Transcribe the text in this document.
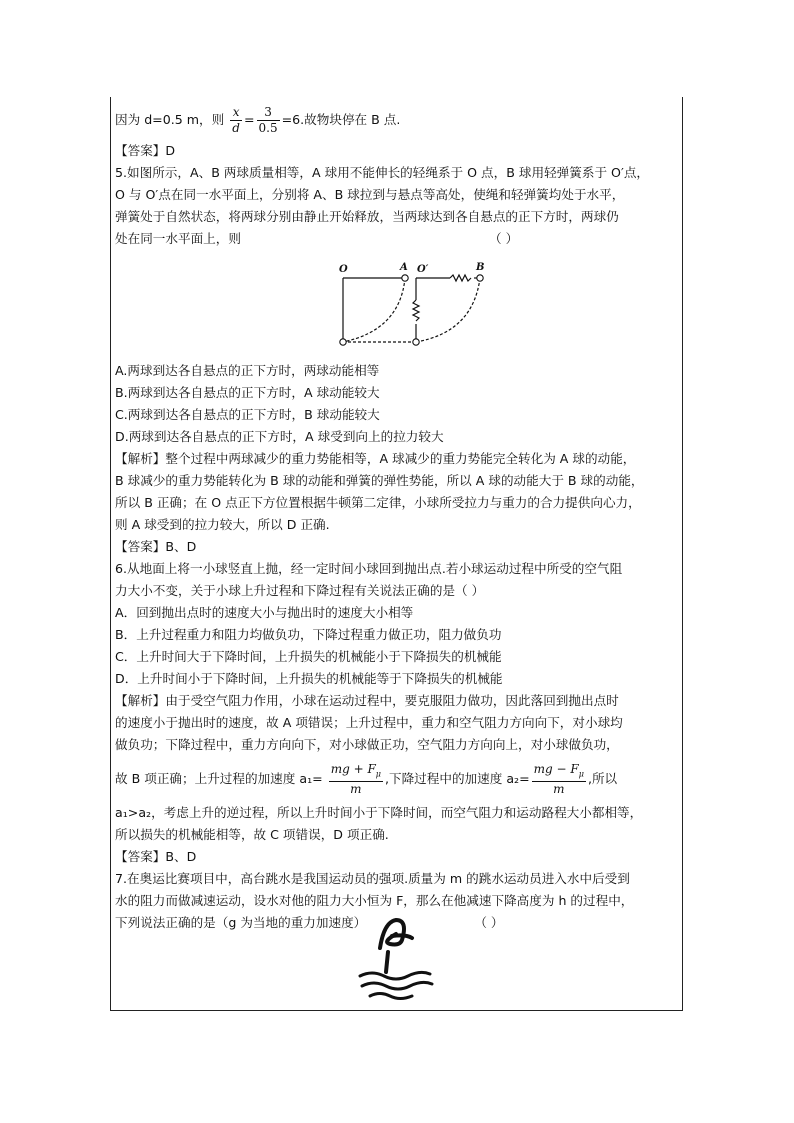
因为 d=0.5 m，则 $\frac{x}{d} = \frac{3}{0.5} =6$.故物块停在 B 点.
【答案】D
5.如图所示，A、B 两球质量相等，A 球用不能伸长的轻绳系于 O 点，B 球用轻弹簧系于 O′点，
O 与 O′点在同一水平面上，分别将 A、B 球拉到与悬点等高处，使绳和轻弹簧均处于水平，
弹簧处于自然状态，将两球分别由静止开始释放，当两球达到各自悬点的正下方时，两球仍
处在同一水平面上，则	（ ）
O	A O′	B
A.两球到达各自悬点的正下方时，两球动能相等
B.两球到达各自悬点的正下方时，A 球动能较大
C.两球到达各自悬点的正下方时，B 球动能较大
D.两球到达各自悬点的正下方时，A 球受到向上的拉力较大
【解析】整个过程中两球减少的重力势能相等，A 球减少的重力势能完全转化为 A 球的动能，
B 球减少的重力势能转化为 B 球的动能和弹簧的弹性势能，所以 A 球的动能大于 B 球的动能，
所以 B 正确；在 O 点正下方位置根据牛顿第二定律，小球所受拉力与重力的合力提供向心力，
则 A 球受到的拉力较大，所以 D 正确.
【答案】B、D
6.从地面上将一小球竖直上抛，经一定时间小球回到抛出点.若小球运动过程中所受的空气阻
力大小不变，关于小球上升过程和下降过程有关说法正确的是（ ）
A．回到抛出点时的速度大小与抛出时的速度大小相等
B．上升过程重力和阻力均做负功，下降过程重力做正功，阻力做负功
C．上升时间大于下降时间，上升损失的机械能小于下降损失的机械能
D．上升时间小于下降时间，上升损失的机械能等于下降损失的机械能
【解析】由于受空气阻力作用，小球在运动过程中，要克服阻力做功，因此落回到抛出点时
的速度小于抛出时的速度，故 A 项错误；上升过程中，重力和空气阻力方向向下，对小球均
做负功；下降过程中，重力方向向下，对小球做正功，空气阻力方向向上，对小球做负功，
故 B 项正确；上升过程的加速度 $a_1= \frac{mg + F_\mu}{m}$ ,下降过程中的加速度 $a_2= \frac{mg - F_\mu}{m}$ ,所以
a₁>a₂，考虑上升的逆过程，所以上升时间小于下降时间，而空气阻力和运动路程大小都相等，
所以损失的机械能相等，故 C 项错误，D 项正确.
【答案】B、D
7.在奥运比赛项目中，高台跳水是我国运动员的强项.质量为 m 的跳水运动员进入水中后受到
水的阻力而做减速运动，设水对他的阻力大小恒为 F，那么在他减速下降高度为 h 的过程中，
下列说法正确的是（g 为当地的重力加速度）	（ ）
